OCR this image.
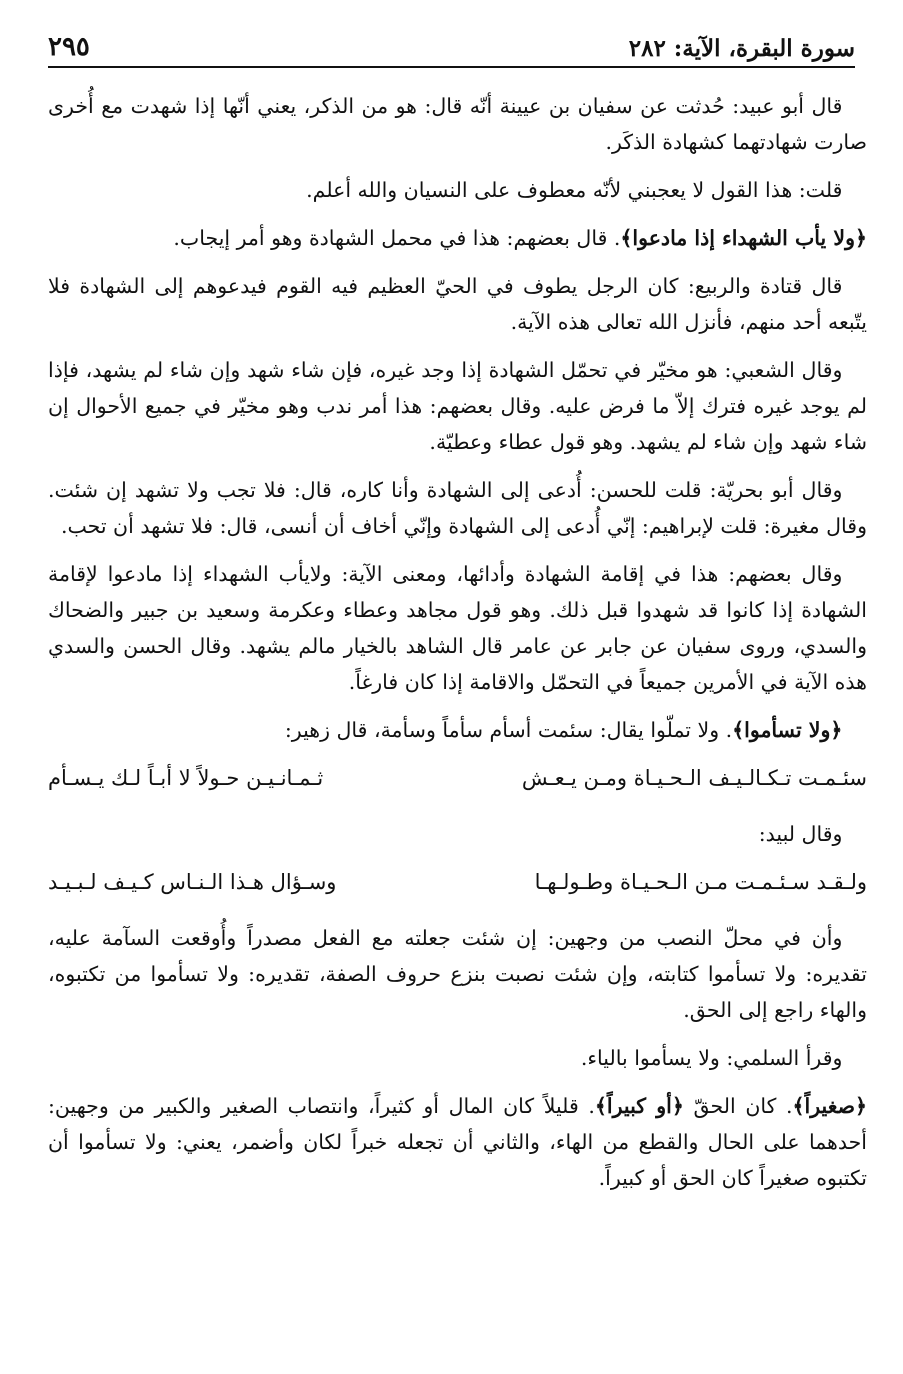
سورة البقرة، الآية: ٢٨٢
٢٩٥

قال أبو عبيد: حُدثت عن سفيان بن عيينة أنّه قال: هو من الذكر، يعني أنّها إذا شهدت مع أُخرى صارت شهادتهما كشهادة الذكَر.

قلت: هذا القول لا يعجبني لأنّه معطوف على النسيان والله أعلم.

﴿ولا يأب الشهداء إذا مادعوا﴾. قال بعضهم: هذا في محمل الشهادة وهو أمر إيجاب.

قال قتادة والربيع: كان الرجل يطوف في الحيّ العظيم فيه القوم فيدعوهم إلى الشهادة فلا يتّبعه أحد منهم، فأنزل الله تعالى هذه الآية.

وقال الشعبي: هو مخيّر في تحمّل الشهادة إذا وجد غيره، فإن شاء شهد وإن شاء لم يشهد، فإذا لم يوجد غيره فترك إلاّ ما فرض عليه. وقال بعضهم: هذا أمر ندب وهو مخيّر في جميع الأحوال إن شاء شهد وإن شاء لم يشهد. وهو قول عطاء وعطيّة.

وقال أبو بحريّة: قلت للحسن: أُدعى إلى الشهادة وأنا كاره، قال: فلا تجب ولا تشهد إن شئت. وقال مغيرة: قلت لإبراهيم: إنّي أُدعى إلى الشهادة وإنّي أخاف أن أنسى، قال: فلا تشهد أن تحب.

وقال بعضهم: هذا في إقامة الشهادة وأدائها، ومعنى الآية: ولايأب الشهداء إذا مادعوا لإقامة الشهادة إذا كانوا قد شهدوا قبل ذلك. وهو قول مجاهد وعطاء وعكرمة وسعيد بن جبير والضحاك والسدي، وروى سفيان عن جابر عن عامر قال الشاهد بالخيار مالم يشهد. وقال الحسن والسدي هذه الآية في الأمرين جميعاً في التحمّل والاقامة إذا كان فارغاً.

﴿ولا تسأموا﴾. ولا تملّوا يقال: سئمت أسأم سأماً وسأمة، قال زهير:

سئـمـت تـكـالـيـف الـحـيـاة ومـن يـعـش
ثـمـانـيـن حـولاً لا أبـاً لـك يـسـأم

وقال لبيد:

ولـقـد سـئـمـت مـن الـحـيـاة وطـولـهـا
وسـؤال هـذا الـنـاس كـيـف لـبـيـد

وأن في محلّ النصب من وجهين: إن شئت جعلته مع الفعل مصدراً وأُوقعت السآمة عليه، تقديره: ولا تسأموا كتابته، وإن شئت نصبت بنزع حروف الصفة، تقديره: ولا تسأموا من تكتبوه، والهاء راجع إلى الحق.

وقرأ السلمي: ولا يسأموا بالياء.

﴿صغيراً﴾. كان الحقّ ﴿أو كبيراً﴾. قليلاً كان المال أو كثيراً، وانتصاب الصغير والكبير من وجهين: أحدهما على الحال والقطع من الهاء، والثاني أن تجعله خبراً لكان وأضمر، يعني: ولا تسأموا أن تكتبوه صغيراً كان الحق أو كبيراً.
